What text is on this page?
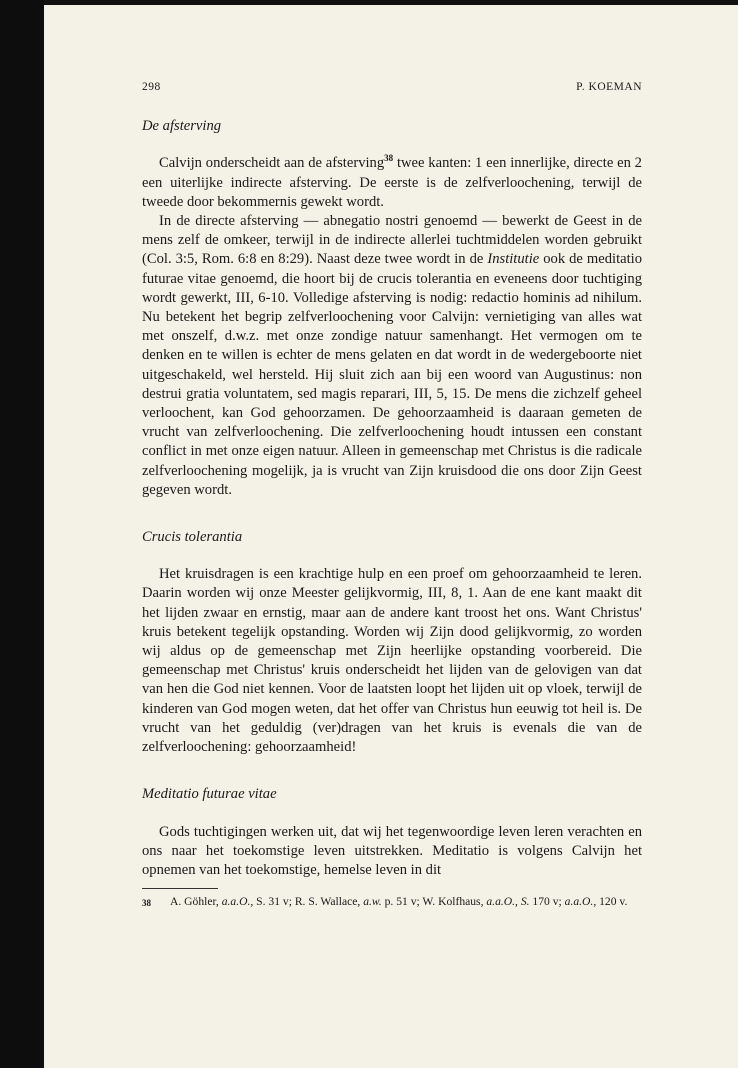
298	P. KOEMAN
De afsterving

Calvijn onderscheidt aan de afsterving$^{38}$ twee kanten: 1 een innerlijke, directe en 2 een uiterlijke indirecte afsterving. De eerste is de zelfverloochening, terwijl de tweede door bekommernis gewekt wordt.

In de directe afsterving — abnegatio nostri genoemd — bewerkt de Geest in de mens zelf de omkeer, terwijl in de indirecte allerlei tuchtmiddelen worden gebruikt (Col. 3:5, Rom. 6:8 en 8:29). Naast deze twee wordt in de Institutie ook de meditatio futurae vitae genoemd, die hoort bij de crucis tolerantia en eveneens door tuchtiging wordt gewerkt, III, 6-10. Volledige afsterving is nodig: redactio hominis ad nihilum. Nu betekent het begrip zelfverloochening voor Calvijn: vernietiging van alles wat met onszelf, d.w.z. met onze zondige natuur samenhangt. Het vermogen om te denken en te willen is echter de mens gelaten en dat wordt in de wedergeboorte niet uitgeschakeld, wel hersteld. Hij sluit zich aan bij een woord van Augustinus: non destrui gratia voluntatem, sed magis reparari, III, 5, 15. De mens die zichzelf geheel verloochent, kan God gehoorzamen. De gehoorzaamheid is daaraan gemeten de vrucht van zelfverloochening. Die zelfverloochening houdt intussen een constant conflict in met onze eigen natuur. Alleen in gemeenschap met Christus is die radicale zelfverloochening mogelijk, ja is vrucht van Zijn kruisdood die ons door Zijn Geest gegeven wordt.

Crucis tolerantia

Het kruisdragen is een krachtige hulp en een proef om gehoorzaamheid te leren. Daarin worden wij onze Meester gelijkvormig, III, 8, 1. Aan de ene kant maakt dit het lijden zwaar en ernstig, maar aan de andere kant troost het ons. Want Christus' kruis betekent tegelijk opstanding. Worden wij Zijn dood gelijkvormig, zo worden wij aldus op de gemeenschap met Zijn heerlijke opstanding voorbereid. Die gemeenschap met Christus' kruis onderscheidt het lijden van de gelovigen van dat van hen die God niet kennen. Voor de laatsten loopt het lijden uit op vloek, terwijl de kinderen van God mogen weten, dat het offer van Christus hun eeuwig tot heil is. De vrucht van het geduldig (ver)dragen van het kruis is evenals die van de zelfverloochening: gehoorzaamheid!

Meditatio futurae vitae

Gods tuchtigingen werken uit, dat wij het tegenwoordige leven leren verachten en ons naar het toekomstige leven uitstrekken. Meditatio is volgens Calvijn het opnemen van het toekomstige, hemelse leven in dit

38	A. Göhler, a.a.O., S. 31 v; R. S. Wallace, a.w. p. 51 v; W. Kolfhaus, a.a.O., S. 170 v; a.a.O., 120 v.
